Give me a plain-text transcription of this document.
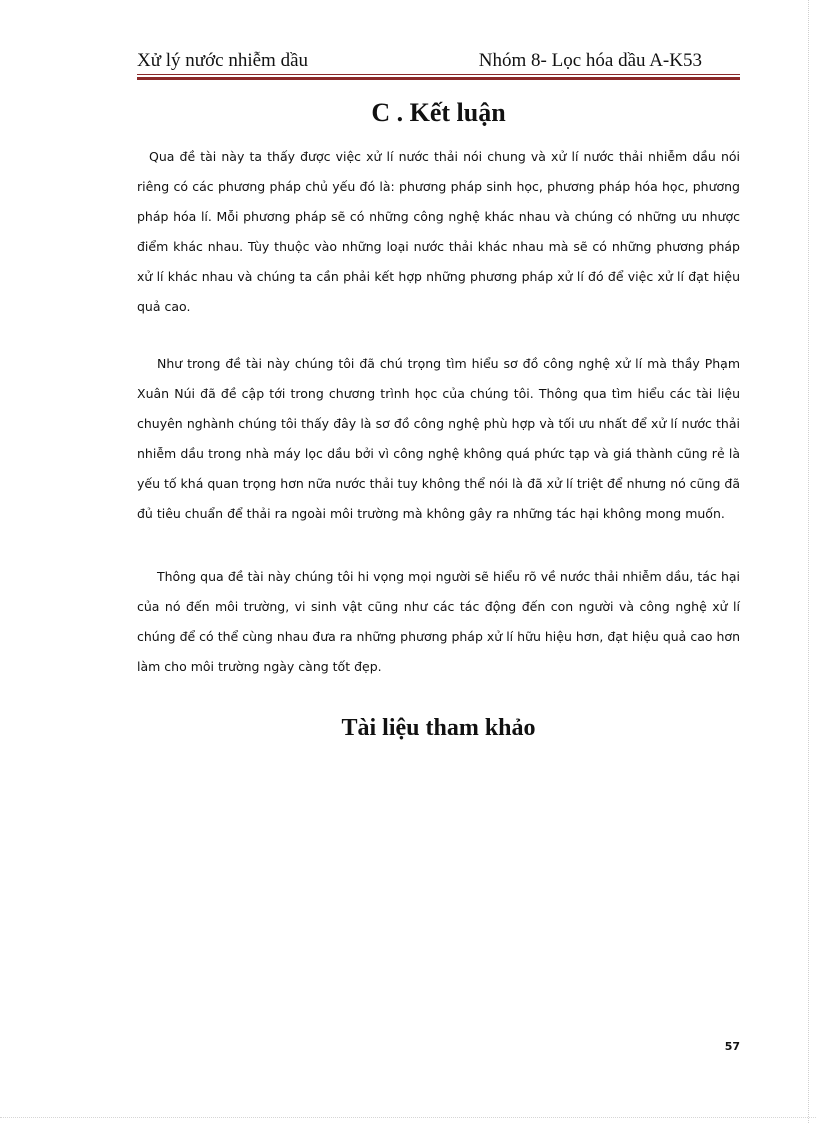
Xử lý nước nhiễm dầu	Nhóm 8- Lọc hóa dầu A-K53
C . Kết luận

Qua đề tài này ta thấy được việc xử lí nước thải nói chung và xử lí nước thải nhiễm dầu nói riêng có các phương pháp chủ yếu đó là: phương pháp sinh học, phương pháp hóa học, phương pháp hóa lí. Mỗi phương pháp sẽ có những công nghệ khác nhau và chúng có những ưu nhược điểm khác nhau. Tùy thuộc vào những loại nước thải khác nhau mà sẽ có những phương pháp xử lí khác nhau và chúng ta cần phải kết hợp những phương pháp xử lí đó để việc xử lí đạt hiệu quả cao.

Như trong đề tài này chúng tôi đã chú trọng tìm hiểu sơ đồ công nghệ xử lí mà thầy Phạm Xuân Núi đã đề cập tới trong chương trình học của chúng tôi. Thông qua tìm hiểu các tài liệu chuyên nghành chúng tôi thấy đây là sơ đồ công nghệ phù hợp và tối ưu nhất để xử lí nước thải nhiễm dầu trong nhà máy lọc dầu bởi vì công nghệ không quá phức tạp và giá thành cũng rẻ là yếu tố khá quan trọng hơn nữa nước thải tuy không thể nói là đã xử lí triệt để nhưng nó cũng đã đủ tiêu chuẩn để thải ra ngoài môi trường mà không gây ra những tác hại không mong muốn.

Thông qua đề tài này chúng tôi hi vọng mọi người sẽ hiểu rõ về nước thải nhiễm dầu, tác hại của nó đến môi trường, vi sinh vật cũng như các tác động đến con người và công nghệ xử lí chúng để có thể cùng nhau đưa ra những phương pháp xử lí hữu hiệu hơn, đạt hiệu quả cao hơn làm cho môi trường ngày càng tốt đẹp.

Tài liệu tham khảo
57
